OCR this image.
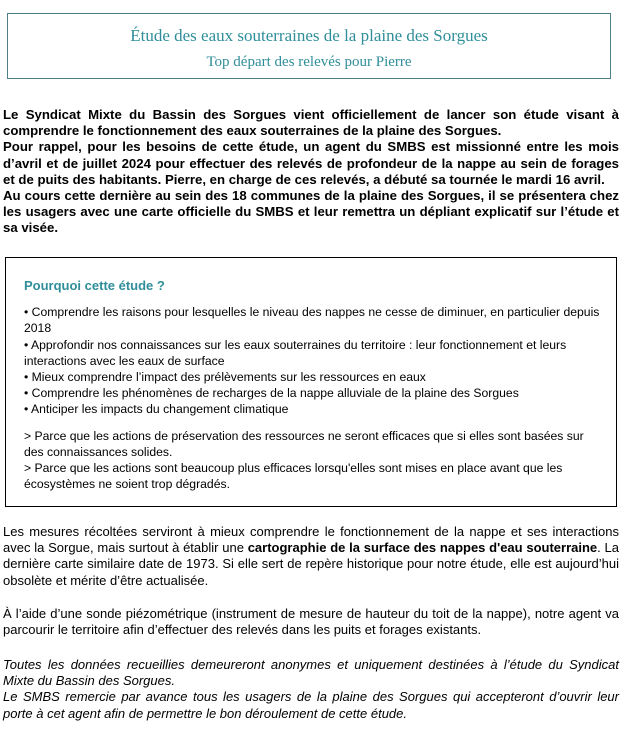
Étude des eaux souterraines de la plaine des Sorgues
Top départ des relevés pour Pierre
Le Syndicat Mixte du Bassin des Sorgues vient officiellement de lancer son étude visant à comprendre le fonctionnement des eaux souterraines de la plaine des Sorgues.
Pour rappel, pour les besoins de cette étude, un agent du SMBS est missionné entre les mois d’avril et de juillet 2024 pour effectuer des relevés de profondeur de la nappe au sein de forages et de puits des habitants. Pierre, en charge de ces relevés, a débuté sa tournée le mardi 16 avril.
Au cours cette dernière au sein des 18 communes de la plaine des Sorgues, il se présentera chez les usagers avec une carte officielle du SMBS et leur remettra un dépliant explicatif sur l’étude et sa visée.
Pourquoi cette étude ?
• Comprendre les raisons pour lesquelles le niveau des nappes ne cesse de diminuer, en particulier depuis 2018
• Approfondir nos connaissances sur les eaux souterraines du territoire : leur fonctionnement et leurs interactions avec les eaux de surface
• Mieux comprendre l’impact des prélèvements sur les ressources en eaux
• Comprendre les phénomènes de recharges de la nappe alluviale de la plaine des Sorgues
• Anticiper les impacts du changement climatique
> Parce que les actions de préservation des ressources ne seront efficaces que si elles sont basées sur des connaissances solides.
> Parce que les actions sont beaucoup plus efficaces lorsqu'elles sont mises en place avant que les écosystèmes ne soient trop dégradés.
Les mesures récoltées serviront à mieux comprendre le fonctionnement de la nappe et ses interactions avec la Sorgue, mais surtout à établir une cartographie de la surface des nappes d'eau souterraine. La dernière carte similaire date de 1973. Si elle sert de repère historique pour notre étude, elle est aujourd’hui obsolète et mérite d’être actualisée.
À l’aide d’une sonde piézométrique (instrument de mesure de hauteur du toit de la nappe), notre agent va parcourir le territoire afin d’effectuer des relevés dans les puits et forages existants.
Toutes les données recueillies demeureront anonymes et uniquement destinées à l’étude du Syndicat Mixte du Bassin des Sorgues.
Le SMBS remercie par avance tous les usagers de la plaine des Sorgues qui accepteront d’ouvrir leur porte à cet agent afin de permettre le bon déroulement de cette étude.
